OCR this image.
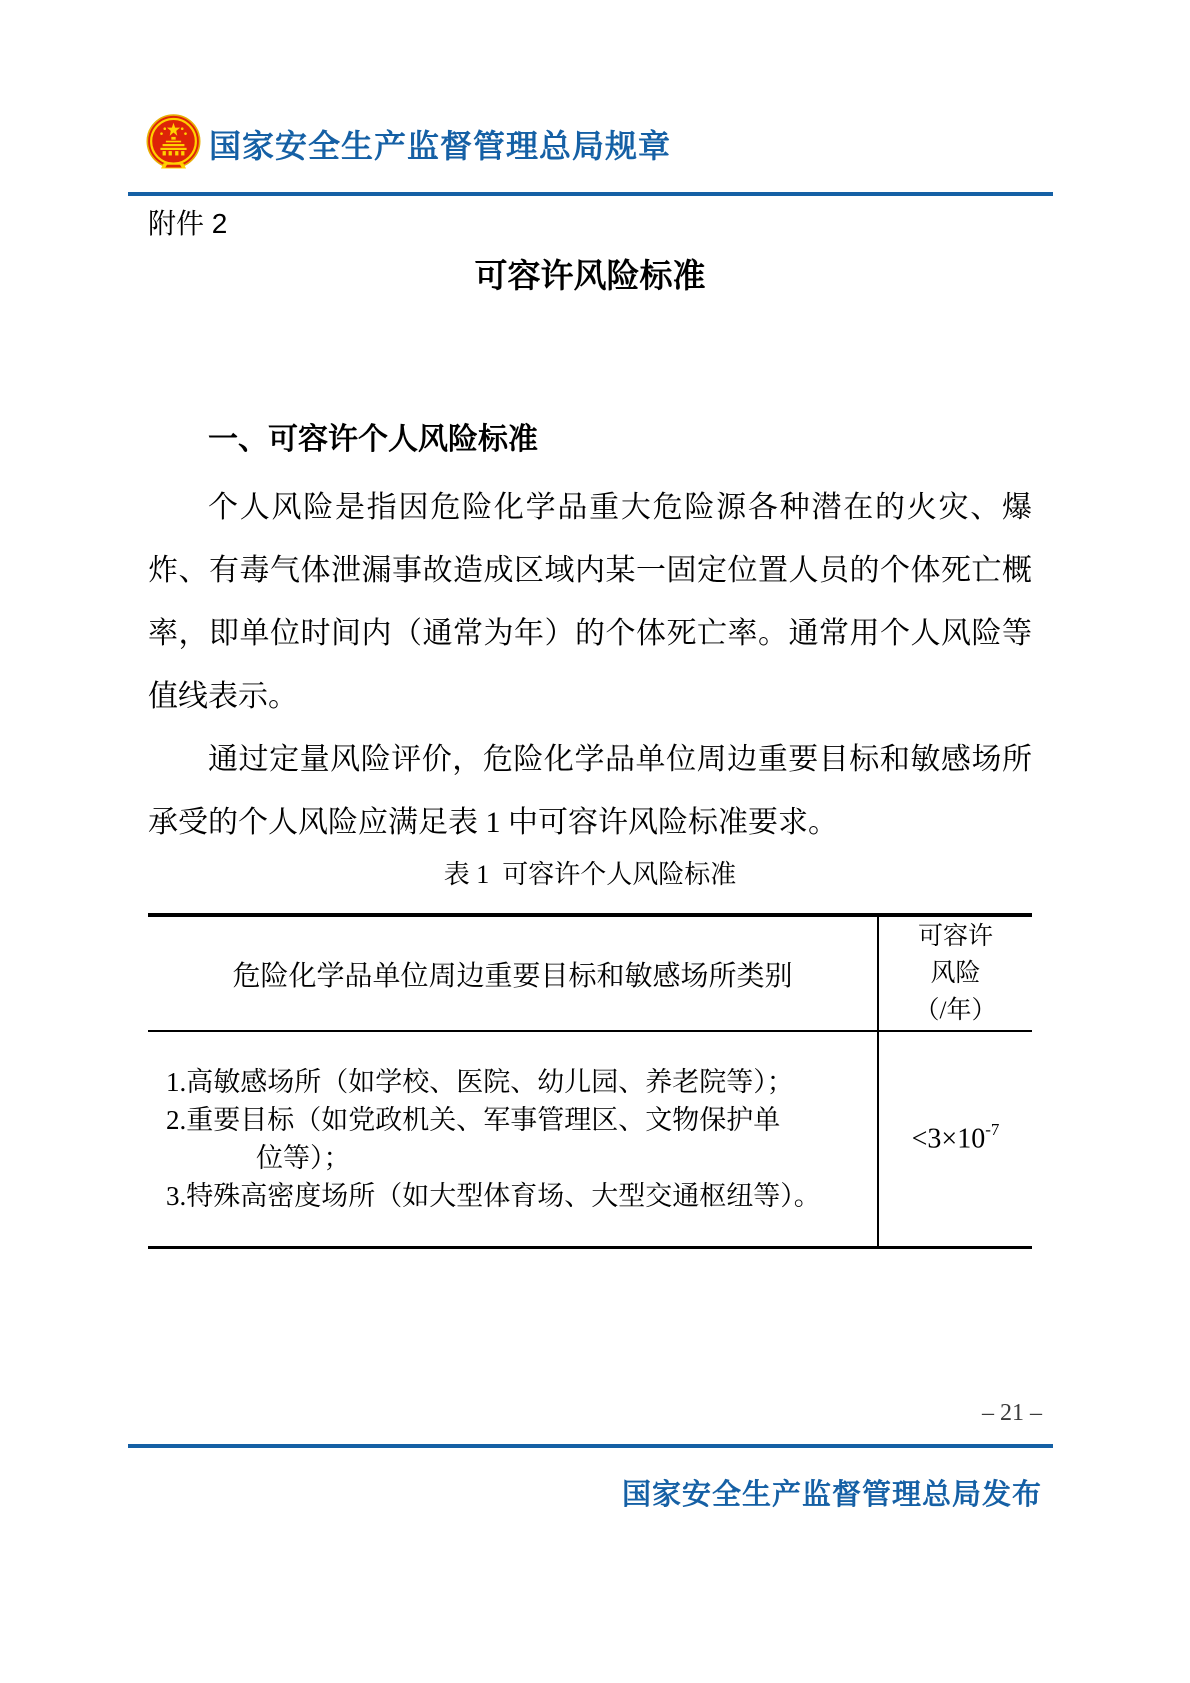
国家安全生产监督管理总局规章
附件 2
可容许风险标准
一、可容许个人风险标准

个人风险是指因危险化学品重大危险源各种潜在的火灾、爆炸、有毒气体泄漏事故造成区域内某一固定位置人员的个体死亡概率，即单位时间内（通常为年）的个体死亡率。通常用个人风险等值线表示。

通过定量风险评价，危险化学品单位周边重要目标和敏感场所承受的个人风险应满足表 1 中可容许风险标准要求。

表 1  可容许个人风险标准
危险化学品单位周边重要目标和敏感场所类别
可容许
风险
（/年）
1.高敏感场所（如学校、医院、幼儿园、养老院等）；
2.重要目标（如党政机关、军事管理区、文物保护单
位等）；
3.特殊高密度场所（如大型体育场、大型交通枢纽等）。
$<3\times 10^{-7}$
– 21 –
国家安全生产监督管理总局发布
